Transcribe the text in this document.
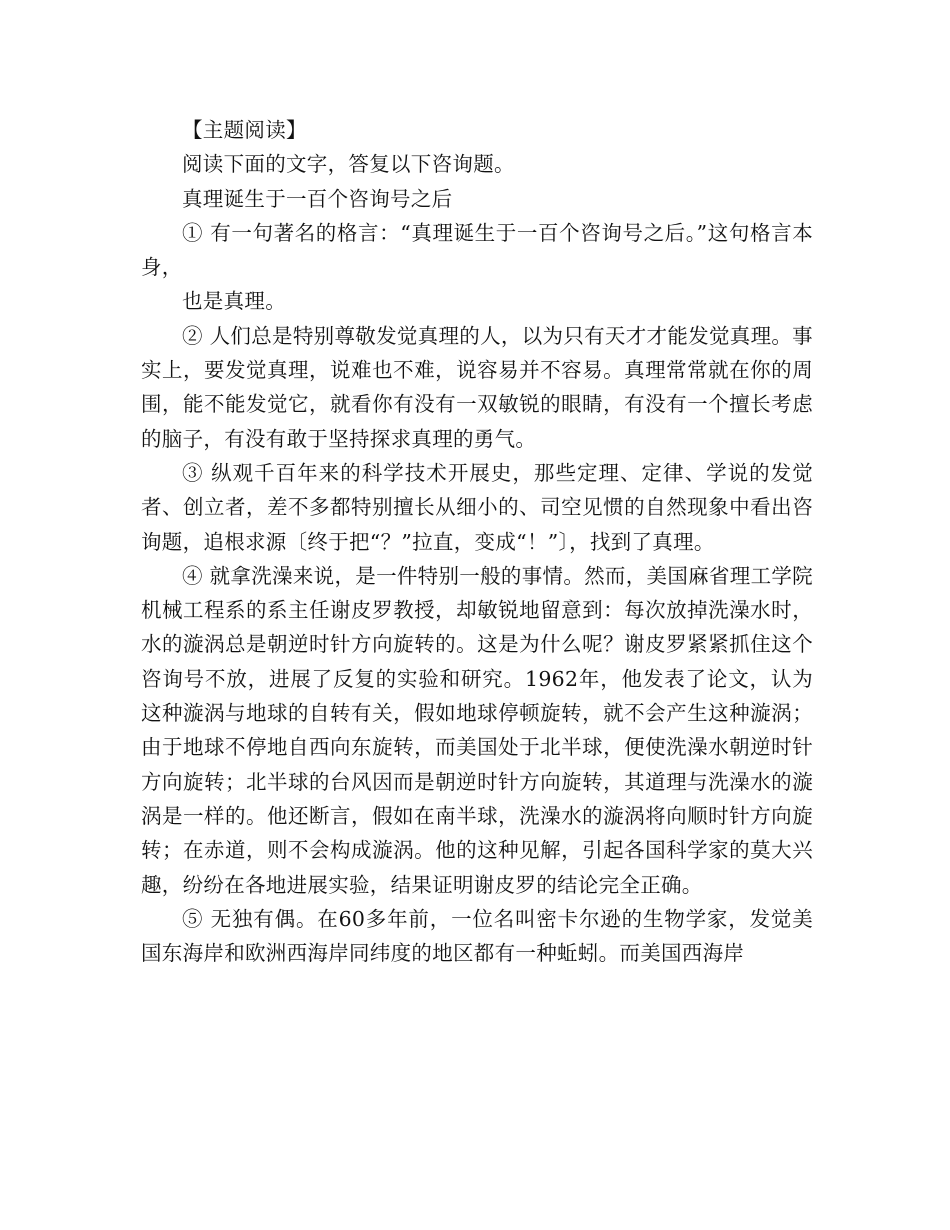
【主题阅读】

阅读下面的文字，答复以下咨询题。

真理诞生于一百个咨询号之后

① 有一句著名的格言：“真理诞生于一百个咨询号之后。”这句格言本身，

也是真理。

② 人们总是特别尊敬发觉真理的人，以为只有天才才能发觉真理。事实上，要发觉真理，说难也不难，说容易并不容易。真理常常就在你的周围，能不能发觉它，就看你有没有一双敏锐的眼睛，有没有一个擅长考虑的脑子，有没有敢于坚持探求真理的勇气。

③ 纵观千百年来的科学技术开展史，那些定理、定律、学说的发觉者、创立者，差不多都特别擅长从细小的、司空见惯的自然现象中看出咨询题，追根求源〔终于把“？”拉直，变成“！”〕，找到了真理。

④ 就拿洗澡来说，是一件特别一般的事情。然而，美国麻省理工学院机械工程系的系主任谢皮罗教授，却敏锐地留意到：每次放掉洗澡水时，水的漩涡总是朝逆时针方向旋转的。这是为什么呢？谢皮罗紧紧抓住这个咨询号不放，进展了反复的实验和研究。1962年，他发表了论文，认为这种漩涡与地球的自转有关，假如地球停顿旋转，就不会产生这种漩涡；由于地球不停地自西向东旋转，而美国处于北半球，便使洗澡水朝逆时针方向旋转；北半球的台风因而是朝逆时针方向旋转，其道理与洗澡水的漩涡是一样的。他还断言，假如在南半球，洗澡水的漩涡将向顺时针方向旋转；在赤道，则不会构成漩涡。他的这种见解，引起各国科学家的莫大兴趣，纷纷在各地进展实验，结果证明谢皮罗的结论完全正确。

⑤ 无独有偶。在60多年前，一位名叫密卡尔逊的生物学家，发觉美国东海岸和欧洲西海岸同纬度的地区都有一种蚯蚓。而美国西海岸
